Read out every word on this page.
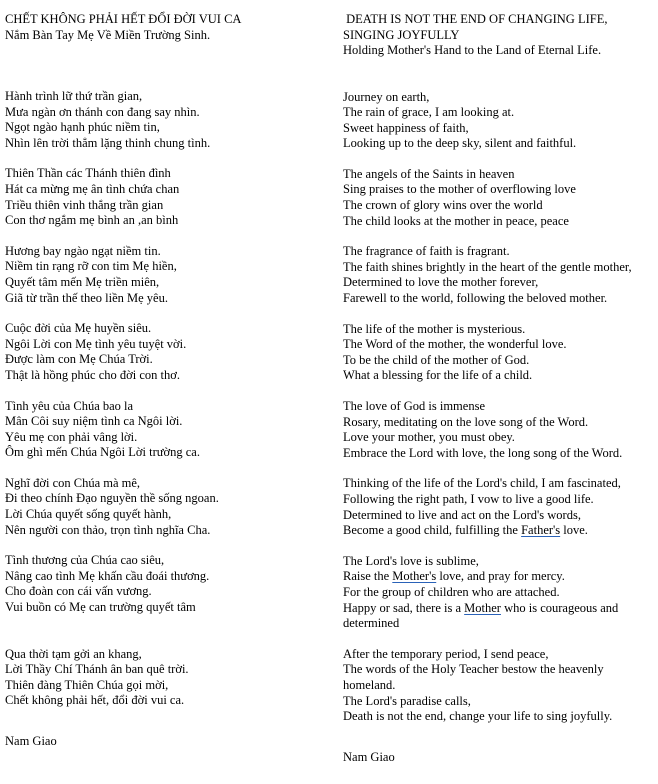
CHẾT KHÔNG PHẢI HẾT ĐỔI ĐỜI VUI CA
Nắm Bàn Tay Mẹ Về Miền Trường Sinh.
Hành trình lữ thứ trần gian,
Mưa ngàn ơn thánh con đang say nhìn.
Ngọt ngào hạnh phúc niềm tin,
Nhìn lên trời thẳm lặng thinh chung tình.
Thiên Thần các Thánh thiên đình
Hát ca mừng mẹ ân tình chứa chan
Triều thiên vinh thắng trần gian
Con thơ ngắm mẹ bình an ,an bình
Hương bay ngào ngạt niềm tin.
Niềm tin rạng rỡ con tim Mẹ hiền,
Quyết tâm mến Mẹ triền miên,
Giã từ trần thế theo liền Mẹ yêu.
Cuộc đời của Mẹ huyền siêu.
Ngôi Lời con Mẹ tình yêu tuyệt vời.
Được làm con Mẹ Chúa Trời.
Thật là hồng phúc cho đời con thơ.
Tình yêu của Chúa bao la
Mân Côi suy niệm tình ca Ngôi lời.
Yêu mẹ con phải vâng lời.
Ôm ghì mến Chúa Ngôi Lời trường ca.
Nghĩ đời con Chúa mà mê,
Đi theo chính Đạo nguyền thề sống ngoan.
Lời Chúa quyết sống quyết hành,
Nên người con thảo, trọn tình nghĩa Cha.
Tình thương của Chúa cao siêu,
Nâng cao tình Mẹ khấn cầu đoái thương.
Cho đoàn con cái vấn vương.
Vui buồn có Mẹ can trường quyết tâm
Qua thời tạm gởi an khang,
Lời Thầy Chí Thánh ân ban quê trời.
Thiên đàng Thiên Chúa gọi mời,
Chết không phải hết, đổi đời vui ca.
Nam Giao
DEATH IS NOT THE END OF CHANGING LIFE,
SINGING JOYFULLY
Holding Mother's Hand to the Land of Eternal Life.
Journey on earth,
The rain of grace, I am looking at.
Sweet happiness of faith,
Looking up to the deep sky, silent and faithful.
The angels of the Saints in heaven
Sing praises to the mother of overflowing love
The crown of glory wins over the world
The child looks at the mother in peace, peace
The fragrance of faith is fragrant.
The faith shines brightly in the heart of the gentle mother,
Determined to love the mother forever,
Farewell to the world, following the beloved mother.
The life of the mother is mysterious.
The Word of the mother, the wonderful love.
To be the child of the mother of God.
What a blessing for the life of a child.
The love of God is immense
Rosary, meditating on the love song of the Word.
Love your mother, you must obey.
Embrace the Lord with love, the long song of the Word.
Thinking of the life of the Lord's child, I am fascinated,
Following the right path, I vow to live a good life.
Determined to live and act on the Lord's words,
Become a good child, fulfilling the Father's love.
The Lord's love is sublime,
Raise the Mother's love, and pray for mercy.
For the group of children who are attached.
Happy or sad, there is a Mother who is courageous and determined
After the temporary period, I send peace,
The words of the Holy Teacher bestow the heavenly homeland.
The Lord's paradise calls,
Death is not the end, change your life to sing joyfully.
Nam Giao
